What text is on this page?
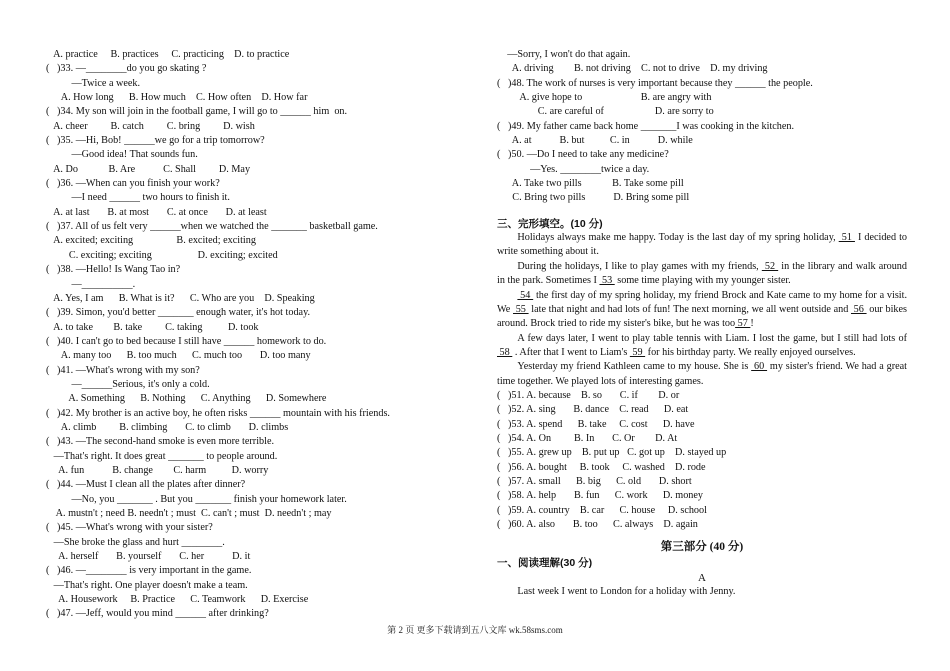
A. practice     B. practices     C. practicing    D. to practice
(   )33. —________do you go skating ?
—Twice a week.
A. How long      B. How much    C. How often    D. How far
(   )34. My son will join in the football game, I will go to ______ him  on.
A. cheer         B. catch         C. bring         D. wish
(   )35. —Hi, Bob! ______we go for a trip tomorrow?
—Good idea! That sounds fun.
A. Do            B. Are           C. Shall         D. May
(   )36. —When can you finish your work?
—I need ______ two hours to finish it.
A. at last       B. at most       C. at once       D. at least
(   )37. All of us felt very ______when we watched the _______ basketball game.
A. excited; exciting                 B. excited; exciting
C. exciting; exciting                  D. exciting; excited
(   )38. —Hello! Is Wang Tao in?
—__________.
A. Yes, I am      B. What is it?      C. Who are you    D. Speaking
(   )39. Simon, you'd better _______ enough water, it's hot today.
A. to take        B. take         C. taking          D. took
(   )40. I can't go to bed because I still have ______ homework to do.
A. many too      B. too much      C. much too       D. too many
(   )41. —What's wrong with my son?
—______Serious, it's only a cold.
A. Something      B. Nothing      C. Anything      D. Somewhere
(   )42. My brother is an active boy, he often risks ______ mountain with his friends.
A. climb         B. climbing       C. to climb       D. climbs
(   )43. —The second-hand smoke is even more terrible.
—That's right. It does great _______ to people around.
A. fun           B. change        C. harm          D. worry
(   )44. —Must I clean all the plates after dinner?
—No, you _______ . But you _______ finish your homework later.
A. mustn't ; need B. needn't ; must  C. can't ; must  D. needn't ; may
(   )45. —What's wrong with your sister?
—She broke the glass and hurt ________.
A. herself       B. yourself       C. her           D. it
(   )46. —________ is very important in the game.
—That's right. One player doesn't make a team.
A. Housework     B. Practice      C. Teamwork      D. Exercise
(   )47. —Jeff, would you mind ______ after drinking?
—Sorry, I won't do that again.
A. driving        B. not driving    C. not to drive    D. my driving
(   )48. The work of nurses is very important because they ______ the people.
A. give hope to                       B. are angry with
C. are careful of                    D. are sorry to
(   )49. My father came back home _______I was cooking in the kitchen.
A. at           B. but          C. in           D. while
(   )50. —Do I need to take any medicine?
—Yes. ________twice a day.
A. Take two pills            B. Take some pill
C. Bring two pills           D. Bring some pill
三、完形填空。(10 分)
Holidays always make me happy. Today is the last day of my spring holiday,  51  I decided to write something about it.
During the holidays, I like to play games with my friends,  52  in the library and walk around in the park. Sometimes I  53  some time playing with my younger sister.
54  the first day of my spring holiday, my friend Brock and Kate came to my home for a visit. We  55  late that night and had lots of fun! The next morning, we all went outside and  56  our bikes around. Brock tried to ride my sister's bike, but he was too 57 !
A few days later, I went to play table tennis with Liam. I lost the game, but I still had lots of  58  . After that I went to Liam's  59  for his birthday party. We really enjoyed ourselves.
Yesterday my friend Kathleen came to my house. She is  60  my sister's friend. We had a great time together. We played lots of interesting games.
(   )51. A. because    B. so       C. if        D. or
(   )52. A. sing       B. dance    C. read      D. eat
(   )53. A. spend      B. take     C. cost      D. have
(   )54. A. On         B. In       C. Or        D. At
(   )55. A. grew up    B. put up   C. got up    D. stayed up
(   )56. A. bought     B. took     C. washed    D. rode
(   )57. A. small      B. big      C. old       D. short
(   )58. A. help       B. fun      C. work      D. money
(   )59. A. country    B. car      C. house     D. school
(   )60. A. also       B. too      C. always    D. again
第三部分 (40 分)
一、阅读理解(30 分)
A
Last week I went to London for a holiday with Jenny.
第 2 页 更多下载请到五八文库 wk.58sms.com
